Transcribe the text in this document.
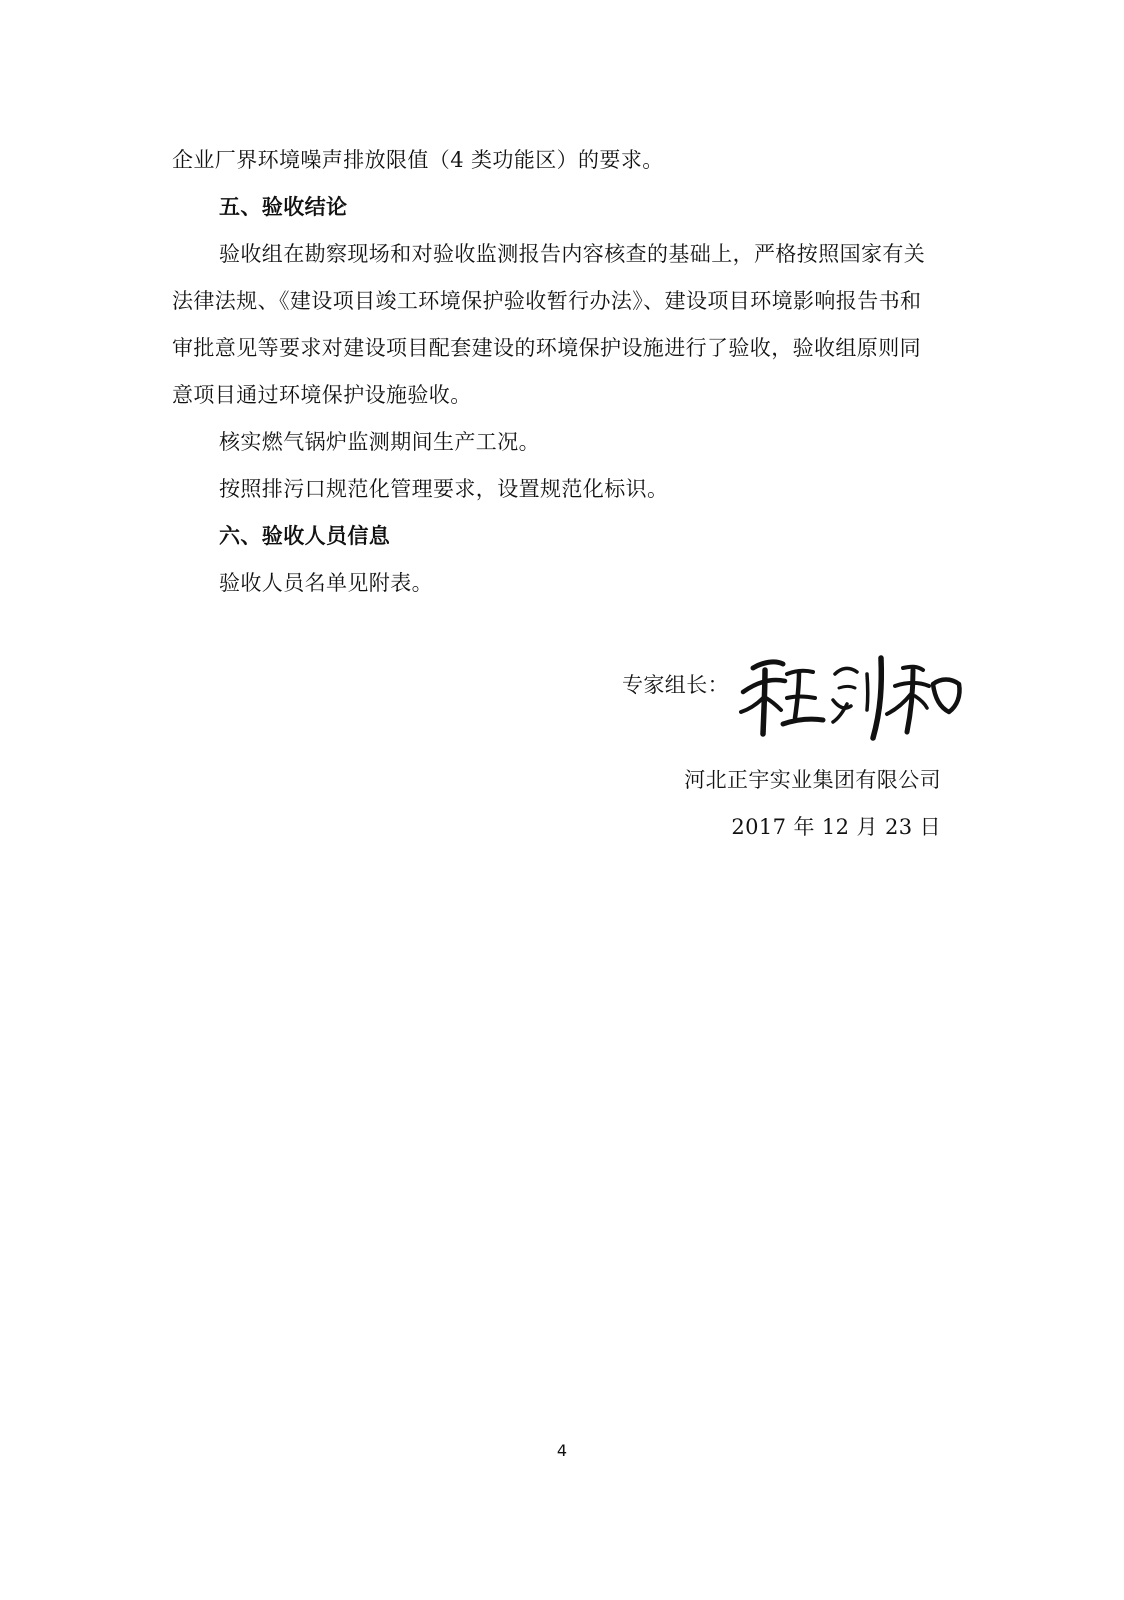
企业厂界环境噪声排放限值（4 类功能区）的要求。
五、验收结论
验收组在勘察现场和对验收监测报告内容核查的基础上，严格按照国家有关
法律法规、《建设项目竣工环境保护验收暂行办法》、建设项目环境影响报告书和
审批意见等要求对建设项目配套建设的环境保护设施进行了验收，验收组原则同
意项目通过环境保护设施验收。
核实燃气锅炉监测期间生产工况。
按照排污口规范化管理要求，设置规范化标识。
六、验收人员信息
验收人员名单见附表。
专家组长：
河北正宇实业集团有限公司
2017 年 12 月 23 日
4
